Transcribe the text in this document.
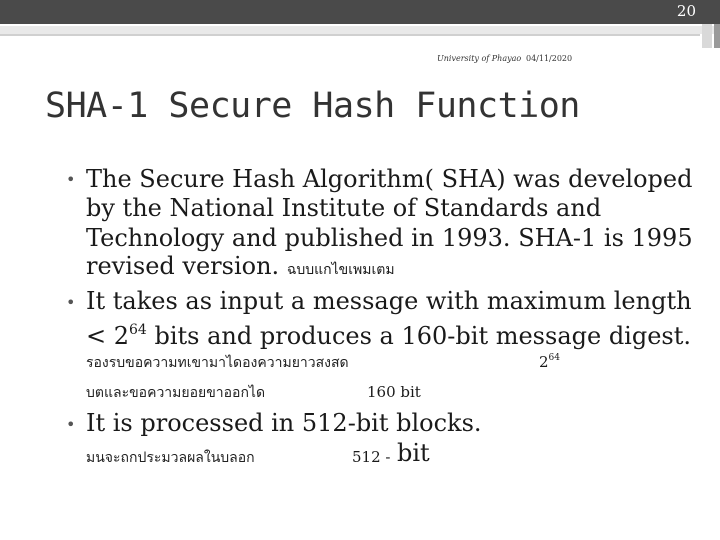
20
University of Phayao 04/11/2020
SHA-1 Secure Hash Function
• The Secure Hash Algorithm( SHA) was developed
by the National Institute of Standards and
Technology and published in 1993. SHA-1 is 1995
revised version. ฉบบแกไขเพมเตม
• It takes as input a message with maximum length
< $2^{64}$ bits and produces a 160-bit message digest.
รองรบขอความทเขามาไดองความยาวสงสด	$2^{64}$
บตและขอความยอยขาออกได	160 bit
• It is processed in 512-bit blocks.
มนจะถกประมวลผลในบลอก	512 - bit
